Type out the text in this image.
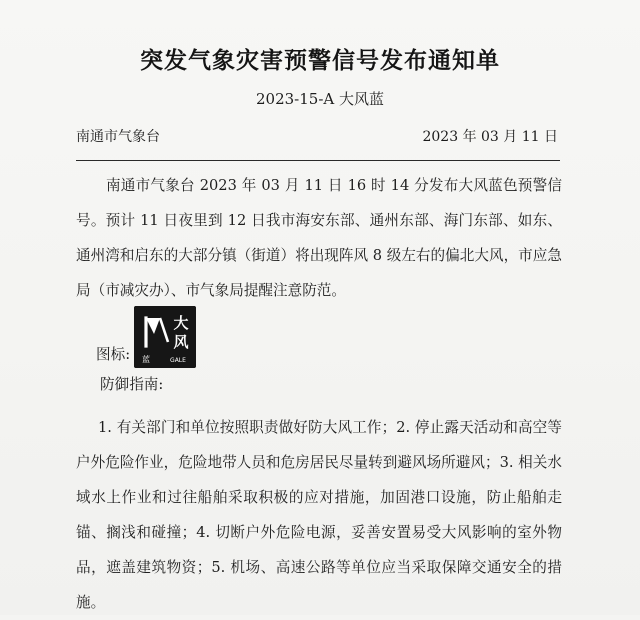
突发气象灾害预警信号发布通知单
2023-15-A 大风蓝
南通市气象台	2023 年 03 月 11 日
南通市气象台 2023 年 03 月 11 日 16 时 14 分发布大风蓝色预警信号。预计 11 日夜里到 12 日我市海安东部、通州东部、海门东部、如东、通州湾和启东的大部分镇（街道）将出现阵风 8 级左右的偏北大风，市应急局（市减灾办）、市气象局提醒注意防范。
图标:
大
风
蓝	GALE
防御指南:
1. 有关部门和单位按照职责做好防大风工作；2. 停止露天活动和高空等户外危险作业，危险地带人员和危房居民尽量转到避风场所避风；3. 相关水域水上作业和过往船舶采取积极的应对措施，加固港口设施，防止船舶走锚、搁浅和碰撞；4. 切断户外危险电源，妥善安置易受大风影响的室外物品，遮盖建筑物资；5. 机场、高速公路等单位应当采取保障交通安全的措施。
